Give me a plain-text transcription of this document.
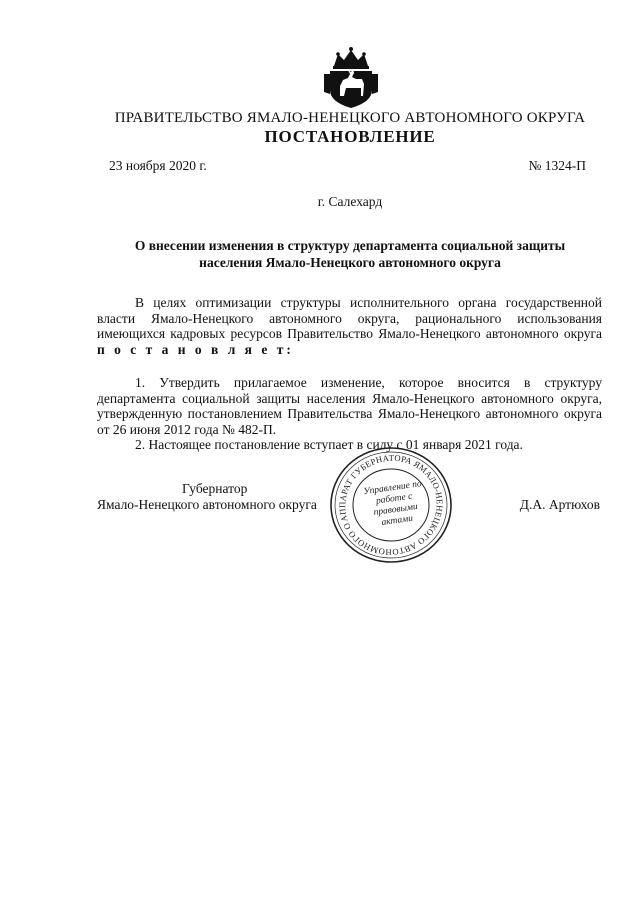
ПРАВИТЕЛЬСТВО ЯМАЛО-НЕНЕЦКОГО АВТОНОМНОГО ОКРУГА
ПОСТАНОВЛЕНИЕ
23 ноября 2020 г.	№ 1324-П
г. Салехард
О внесении изменения в структуру департамента социальной защиты населения Ямало-Ненецкого автономного округа

В целях оптимизации структуры исполнительного органа государственной власти Ямало-Ненецкого автономного округа, рационального использования имеющихся кадровых ресурсов Правительство Ямало-Ненецкого автономного округа п о с т а н о в л я е т:

1. Утвердить прилагаемое изменение, которое вносится в структуру департамента социальной защиты населения Ямало-Ненецкого автономного округа, утвержденную постановлением Правительства Ямало-Ненецкого автономного округа от 26 июня 2012 года № 482-П.

2. Настоящее постановление вступает в силу с 01 января 2021 года.

Губернатор
Ямало-Ненецкого автономного округа	Д.А. Артюхов
АППАРАТ ГУБЕРНАТОРА ЯМАЛО-НЕНЕЦКОГО АВТОНОМНОГО ОКРУГА
Управление по работе с правовыми актами
